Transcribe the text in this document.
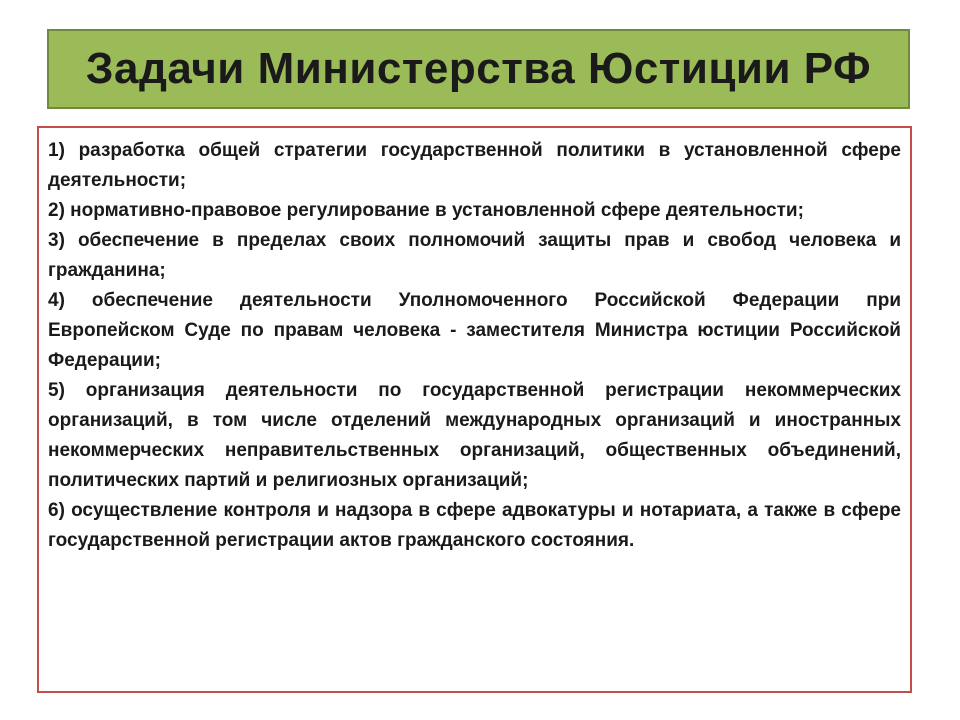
Задачи Министерства Юстиции РФ

1) разработка общей стратегии государственной политики в установленной сфере деятельности;

2) нормативно-правовое регулирование в установленной сфере деятельности;

3) обеспечение в пределах своих полномочий защиты прав и свобод человека и гражданина;

4) обеспечение деятельности Уполномоченного Российской Федерации при Европейском Суде по правам человека - заместителя Министра юстиции Российской Федерации;

5) организация деятельности по государственной регистрации некоммерческих организаций, в том числе отделений международных организаций и иностранных некоммерческих неправительственных организаций, общественных объединений, политических партий и религиозных организаций;

6) осуществление контроля и надзора в сфере адвокатуры и нотариата, а также в сфере государственной регистрации актов гражданского состояния.
